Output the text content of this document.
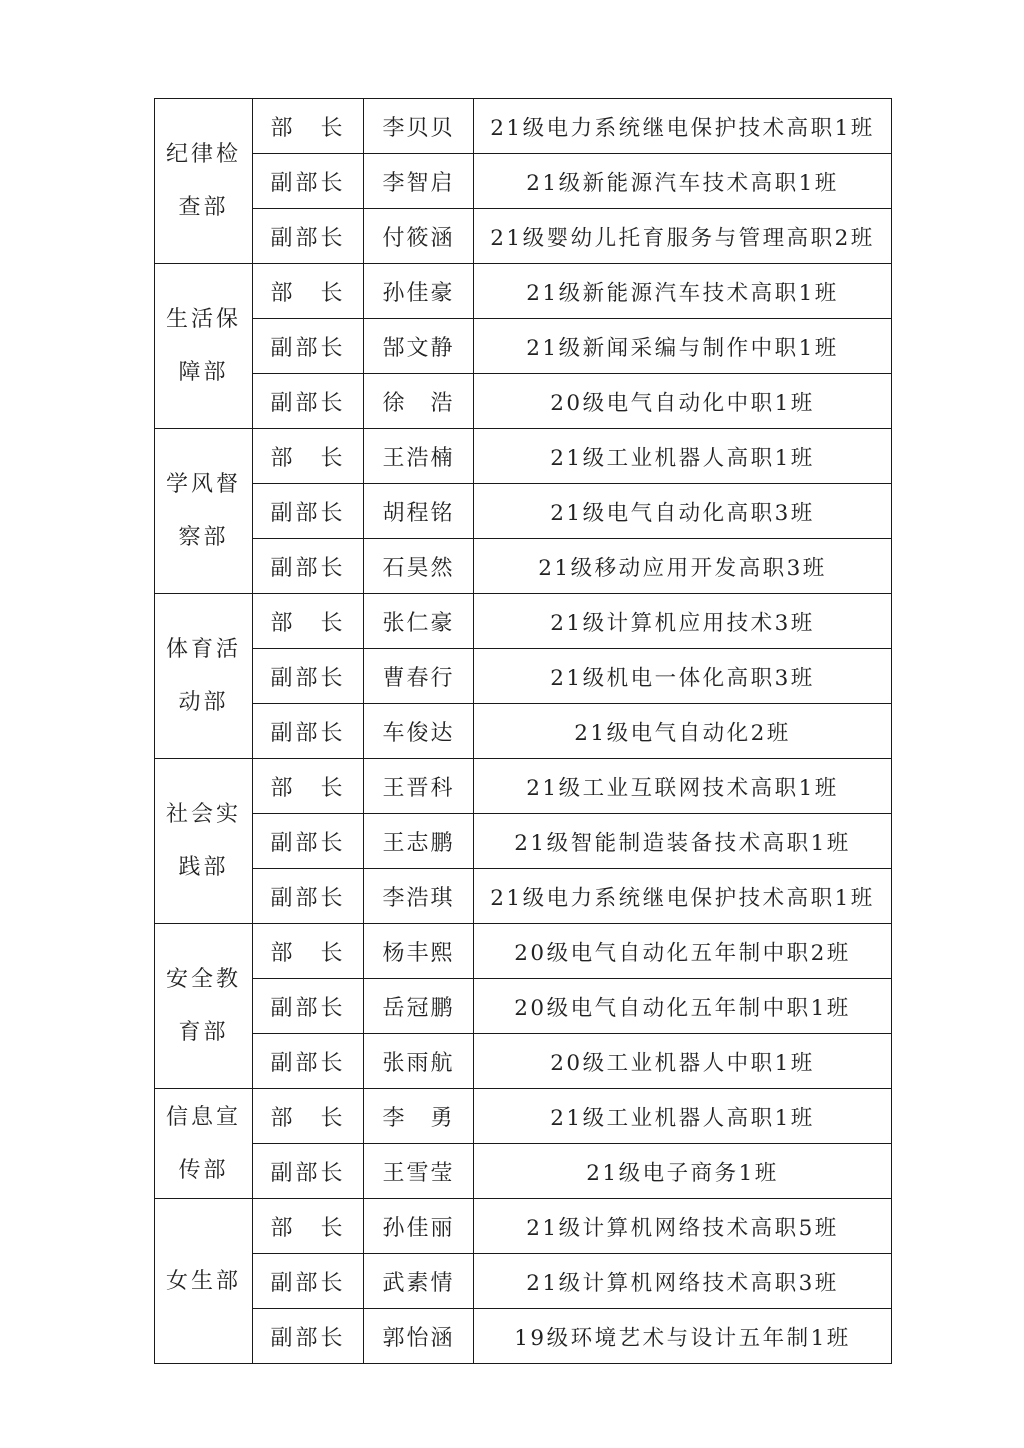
纪律检查部	部　长	李贝贝	21级电力系统继电保护技术高职1班
	副部长	李智启	21级新能源汽车技术高职1班
	副部长	付筱涵	21级婴幼儿托育服务与管理高职2班
生活保障部	部　长	孙佳豪	21级新能源汽车技术高职1班
	副部长	郜文静	21级新闻采编与制作中职1班
	副部长	徐　浩	20级电气自动化中职1班
学风督察部	部　长	王浩楠	21级工业机器人高职1班
	副部长	胡程铭	21级电气自动化高职3班
	副部长	石昊然	21级移动应用开发高职3班
体育活动部	部　长	张仁豪	21级计算机应用技术3班
	副部长	曹春行	21级机电一体化高职3班
	副部长	车俊达	21级电气自动化2班
社会实践部	部　长	王晋科	21级工业互联网技术高职1班
	副部长	王志鹏	21级智能制造装备技术高职1班
	副部长	李浩琪	21级电力系统继电保护技术高职1班
安全教育部	部　长	杨丰熙	20级电气自动化五年制中职2班
	副部长	岳冠鹏	20级电气自动化五年制中职1班
	副部长	张雨航	20级工业机器人中职1班
信息宣传部	部　长	李　勇	21级工业机器人高职1班
	副部长	王雪莹	21级电子商务1班
女生部	部　长	孙佳丽	21级计算机网络技术高职5班
	副部长	武素情	21级计算机网络技术高职3班
	副部长	郭怡涵	19级环境艺术与设计五年制1班
